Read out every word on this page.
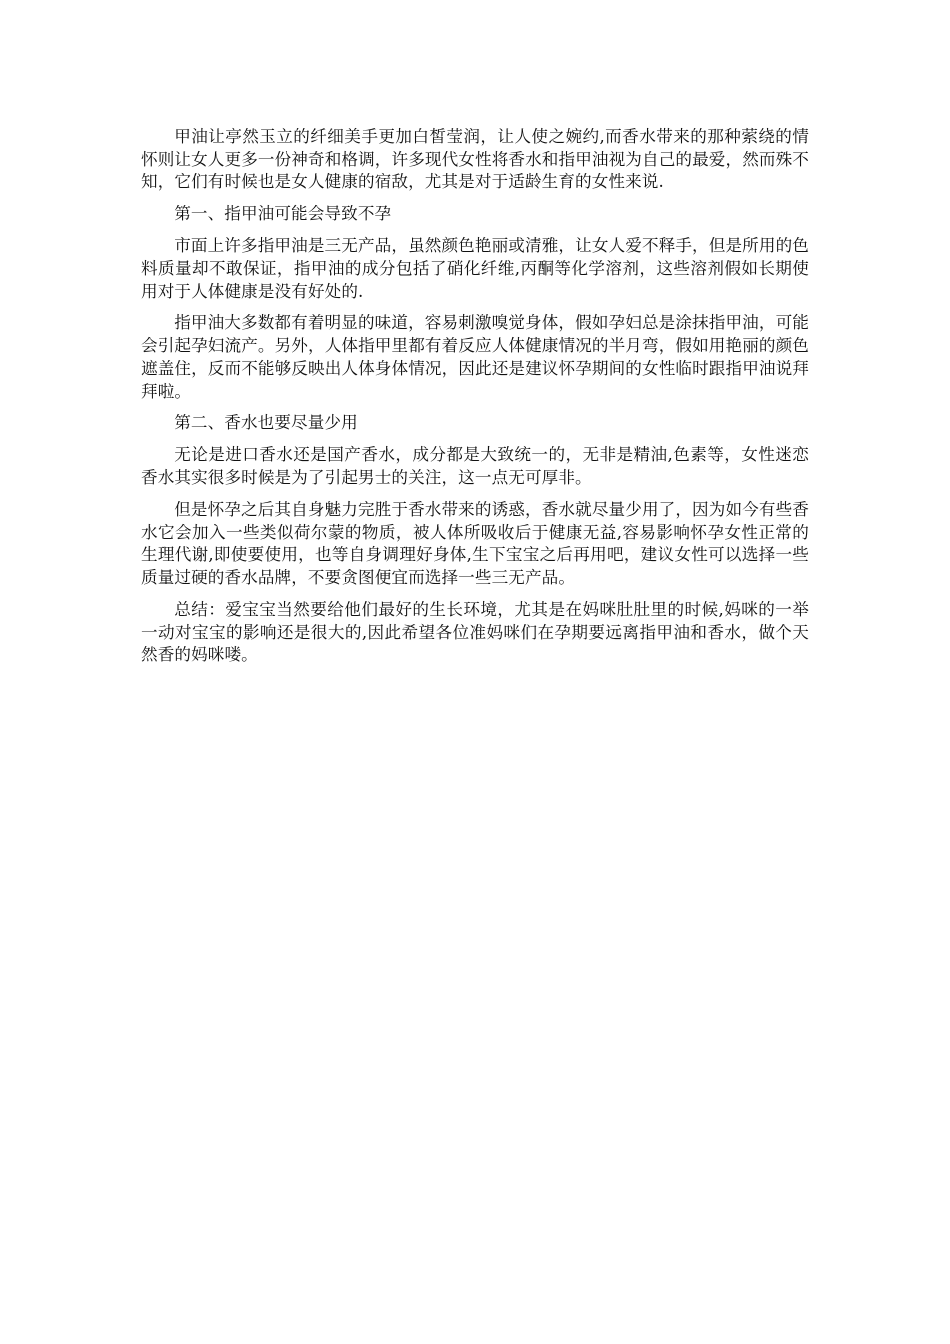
甲油让亭然玉立的纤细美手更加白皙莹润，让人使之婉约,而香水带来的那种萦绕的情怀则让女人更多一份神奇和格调，许多现代女性将香水和指甲油视为自己的最爱，然而殊不知，它们有时候也是女人健康的宿敌，尤其是对于适龄生育的女性来说.

第一、指甲油可能会导致不孕

市面上许多指甲油是三无产品，虽然颜色艳丽或清雅，让女人爱不释手，但是所用的色料质量却不敢保证，指甲油的成分包括了硝化纤维,丙酮等化学溶剂，这些溶剂假如长期使用对于人体健康是没有好处的.

指甲油大多数都有着明显的味道，容易刺激嗅觉身体，假如孕妇总是涂抹指甲油，可能会引起孕妇流产。另外，人体指甲里都有着反应人体健康情况的半月弯，假如用艳丽的颜色遮盖住，反而不能够反映出人体身体情况，因此还是建议怀孕期间的女性临时跟指甲油说拜拜啦。

第二、香水也要尽量少用

无论是进口香水还是国产香水，成分都是大致统一的，无非是精油,色素等，女性迷恋香水其实很多时候是为了引起男士的关注，这一点无可厚非。

但是怀孕之后其自身魅力完胜于香水带来的诱惑，香水就尽量少用了，因为如今有些香水它会加入一些类似荷尔蒙的物质，被人体所吸收后于健康无益,容易影响怀孕女性正常的生理代谢,即使要使用，也等自身调理好身体,生下宝宝之后再用吧，建议女性可以选择一些质量过硬的香水品牌，不要贪图便宜而选择一些三无产品。

总结：爱宝宝当然要给他们最好的生长环境，尤其是在妈咪肚肚里的时候,妈咪的一举一动对宝宝的影响还是很大的,因此希望各位准妈咪们在孕期要远离指甲油和香水，做个天然香的妈咪喽。
